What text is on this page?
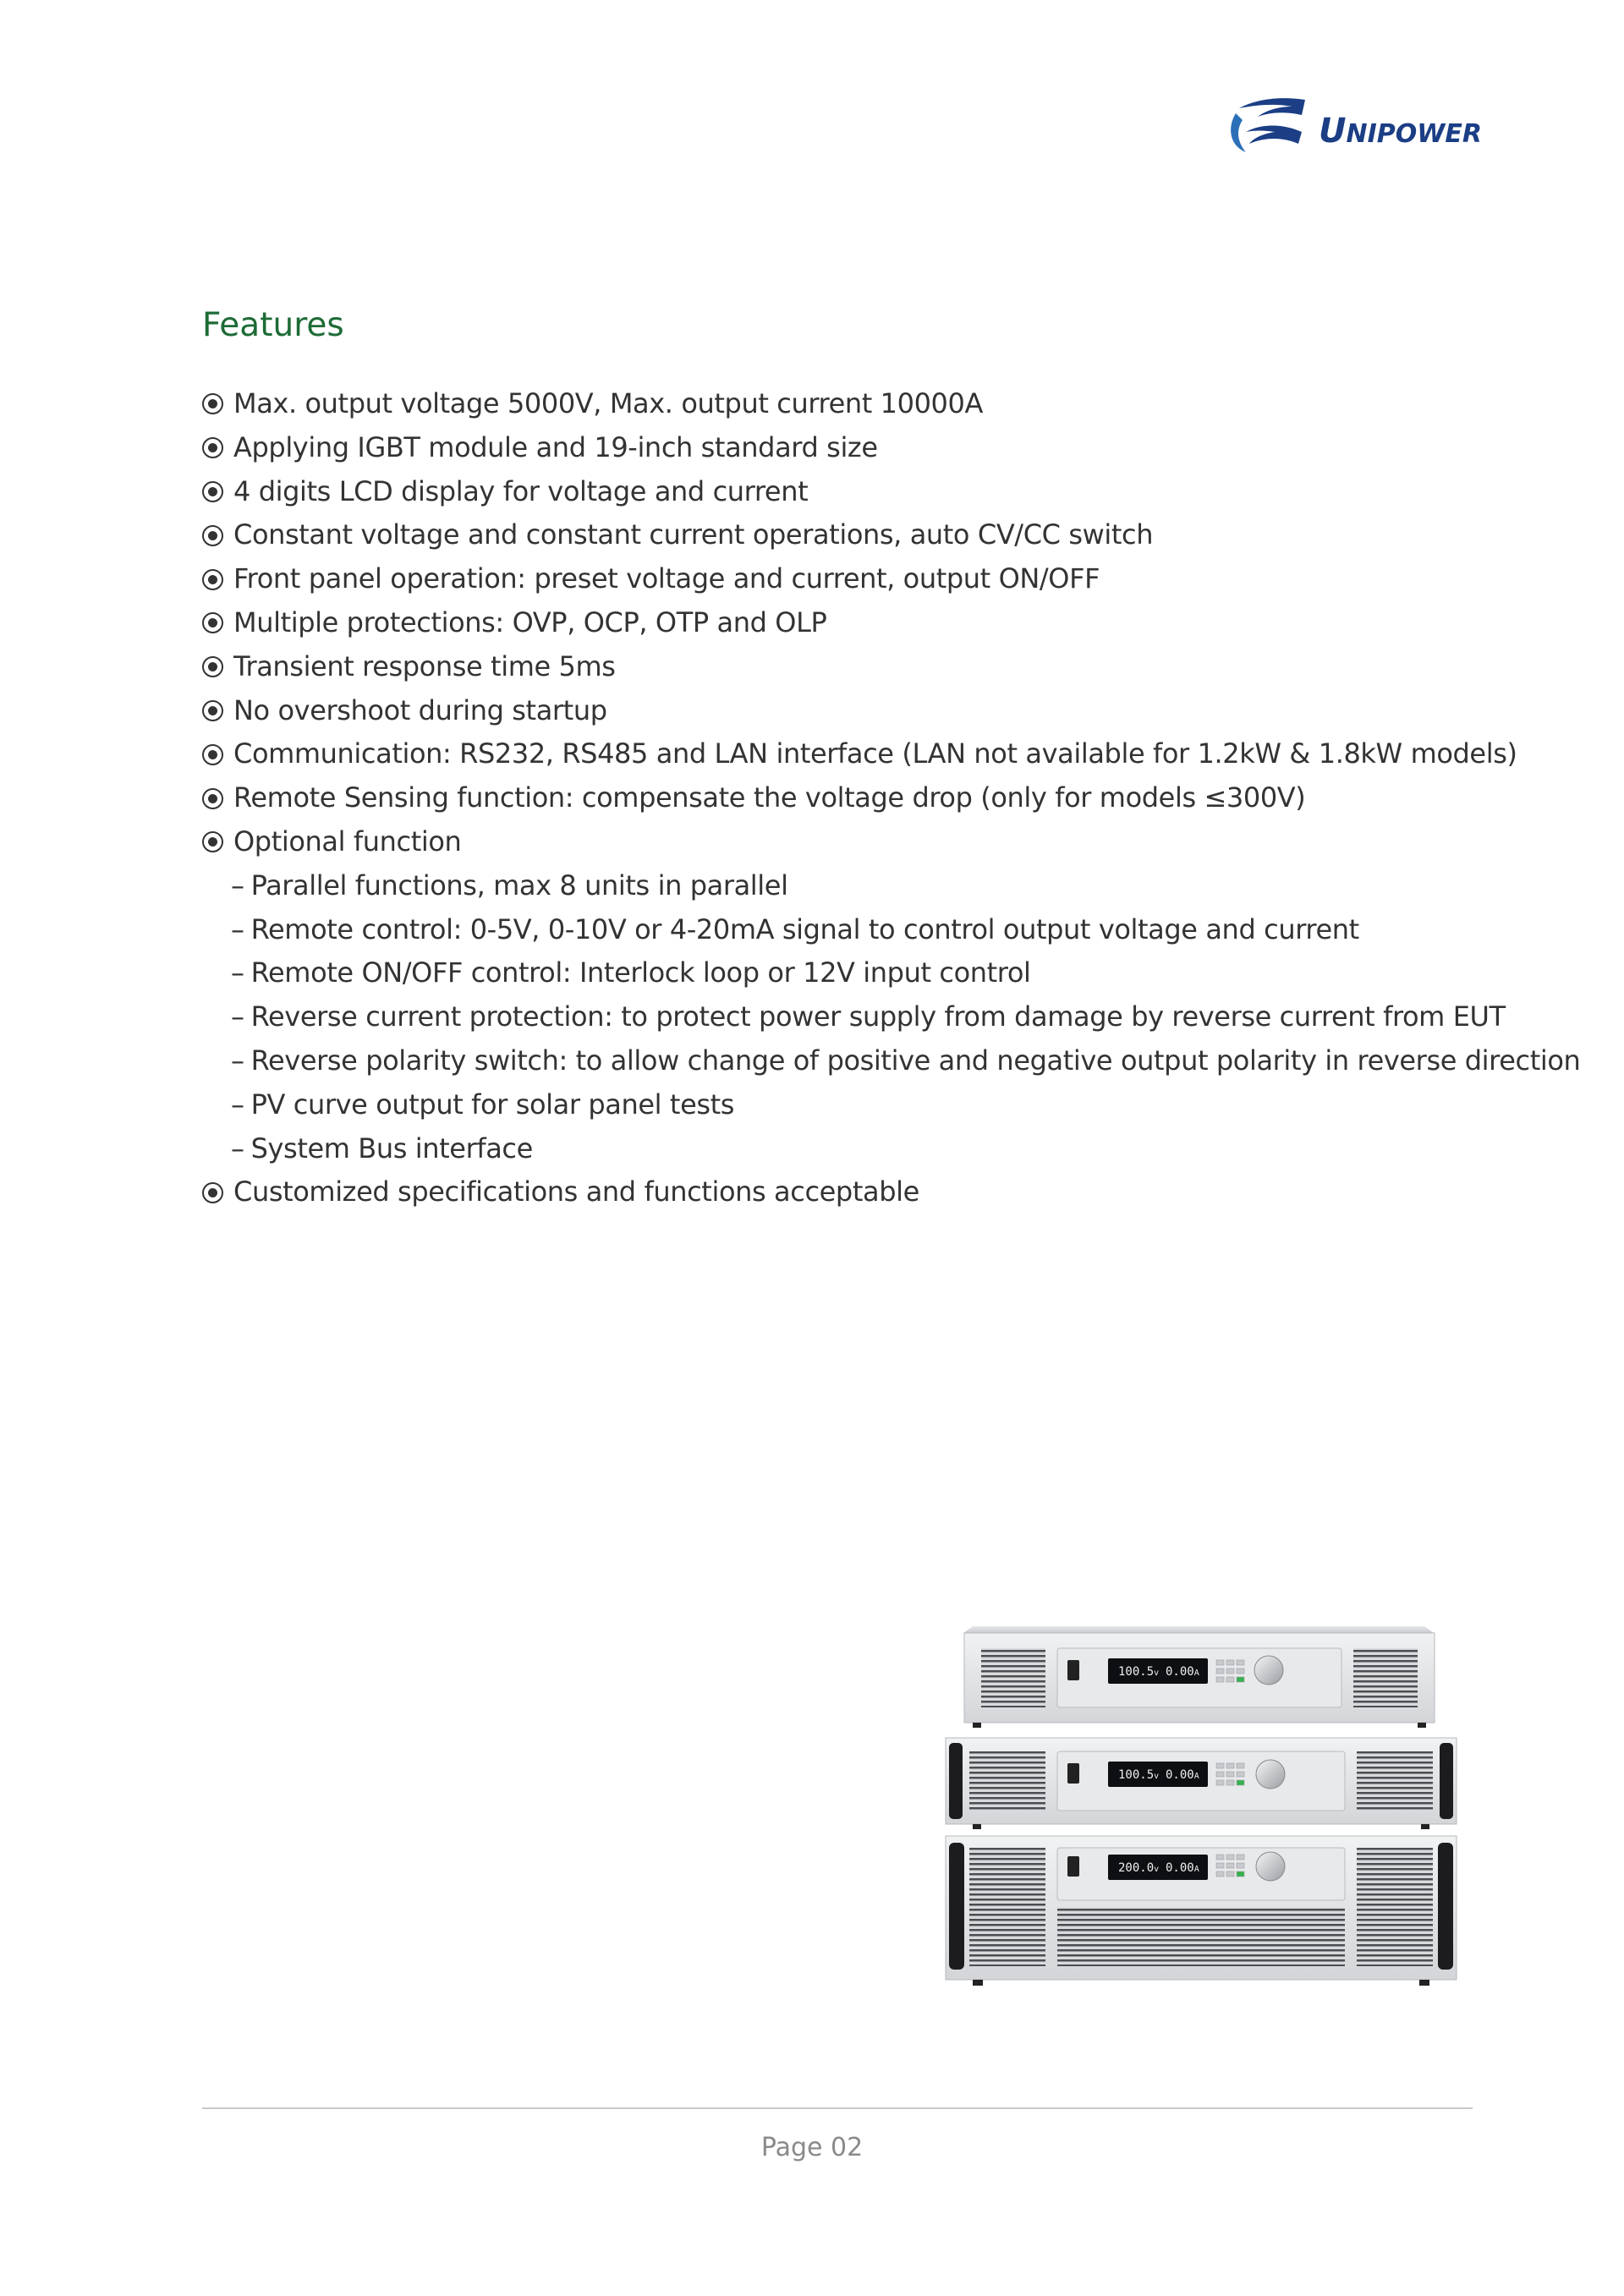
UNIPOWER
Features
Max. output voltage 5000V, Max. output current 10000A
Applying IGBT module and 19-inch standard size
4 digits LCD display for voltage and current
Constant voltage and constant current operations, auto CV/CC switch
Front panel operation: preset voltage and current, output ON/OFF
Multiple protections: OVP, OCP, OTP and OLP
Transient response time 5ms
No overshoot during startup
Communication: RS232, RS485 and LAN interface (LAN not available for 1.2kW & 1.8kW models)
Remote Sensing function: compensate the voltage drop (only for models ≤300V)
Optional function
– Parallel functions, max 8 units in parallel
– Remote control: 0-5V, 0-10V or 4-20mA signal to control output voltage and current
– Remote ON/OFF control: Interlock loop or 12V input control
– Reverse current protection: to protect power supply from damage by reverse current from EUT
– Reverse polarity switch: to allow change of positive and negative output polarity in reverse direction
– PV curve output for solar panel tests
– System Bus interface
Customized specifications and functions acceptable
100.5v 0.00A
100.5v 0.00A
200.0v 0.00A
Page 02
